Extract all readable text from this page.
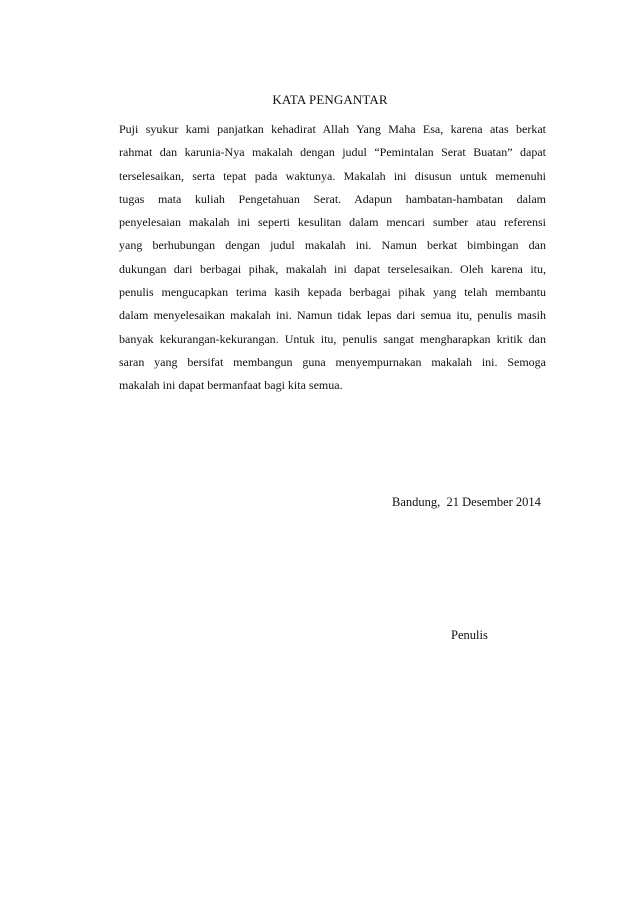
KATA PENGANTAR
Puji syukur kami panjatkan kehadirat Allah Yang Maha Esa, karena atas berkat
rahmat dan karunia-Nya makalah dengan judul “Pemintalan Serat Buatan” dapat
terselesaikan, serta tepat pada waktunya. Makalah ini disusun untuk memenuhi
tugas mata kuliah Pengetahuan Serat. Adapun hambatan-hambatan dalam
penyelesaian makalah ini seperti kesulitan dalam mencari sumber atau referensi
yang berhubungan dengan judul makalah ini. Namun berkat bimbingan dan
dukungan dari berbagai pihak, makalah ini dapat terselesaikan. Oleh karena itu,
penulis mengucapkan terima kasih kepada berbagai pihak yang telah membantu
dalam menyelesaikan makalah ini. Namun tidak lepas dari semua itu, penulis masih
banyak kekurangan-kekurangan. Untuk itu, penulis sangat mengharapkan kritik dan
saran yang bersifat membangun guna menyempurnakan makalah ini. Semoga
makalah ini dapat bermanfaat bagi kita semua.
Bandung,  21 Desember 2014
Penulis
